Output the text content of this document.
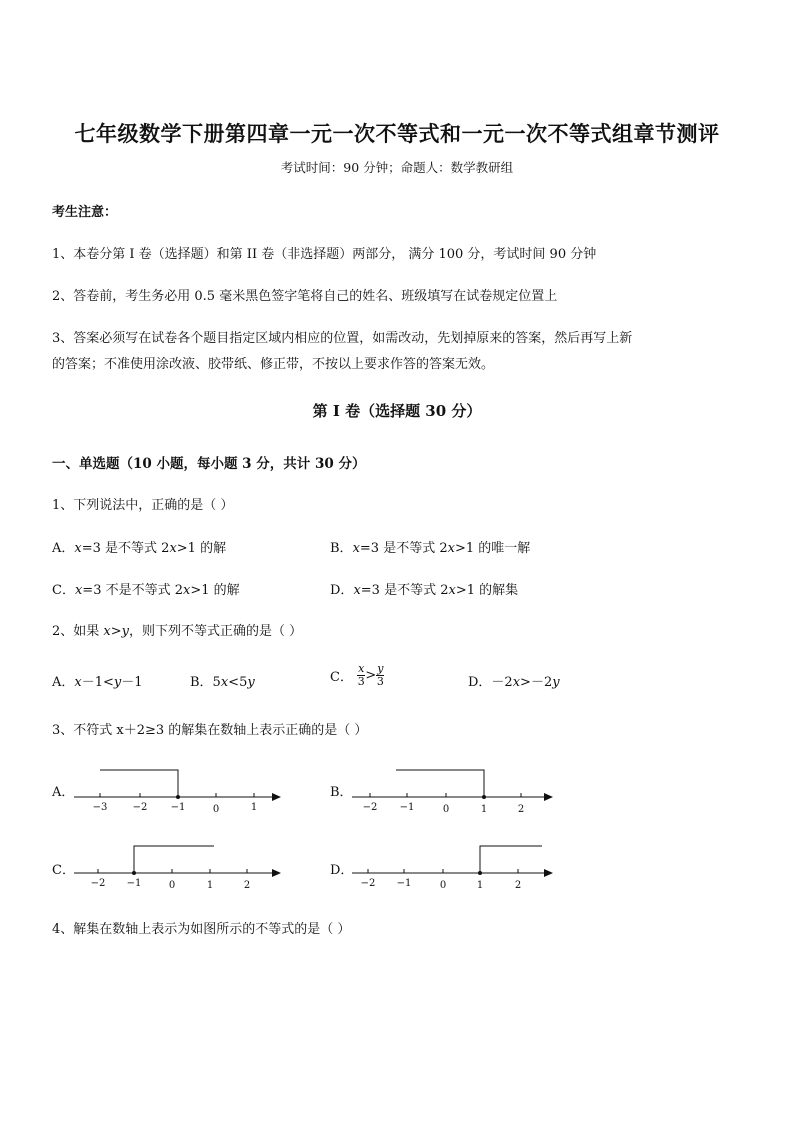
七年级数学下册第四章一元一次不等式和一元一次不等式组章节测评
考试时间：90 分钟；命题人：数学教研组
考生注意：
1、本卷分第 I 卷（选择题）和第 II 卷（非选择题）两部分， 满分 100 分，考试时间 90 分钟
2、答卷前，考生务必用 0.5 毫米黑色签字笔将自己的姓名、班级填写在试卷规定位置上
3、答案必须写在试卷各个题目指定区域内相应的位置，如需改动，先划掉原来的答案，然后再写上新
的答案；不准使用涂改液、胶带纸、修正带，不按以上要求作答的答案无效。
第 I 卷（选择题 30 分）
一、单选题（10 小题，每小题 3 分，共计 30 分）
1、下列说法中，正确的是（ ）
A．x=3 是不等式 2x>1 的解	B．x=3 是不等式 2x>1 的唯一解
C．x=3 不是不等式 2x>1 的解	D．x=3 是不等式 2x>1 的解集
2、如果 x>y，则下列不等式正确的是（ ）
A．x－1<y－1	B．5x<5y	C． $\frac{x}{3} > \frac{y}{3}$	D．－2x>－2y
3、不符式 x＋2≥3 的解集在数轴上表示正确的是（ ）
A．
−3	−2 −1	0	1
B．
−2 −1	0	1	2
C．
−2 −1	0	1	2
D．
−2 −1	0	1	2
4、解集在数轴上表示为如图所示的不等式的是（ ）
